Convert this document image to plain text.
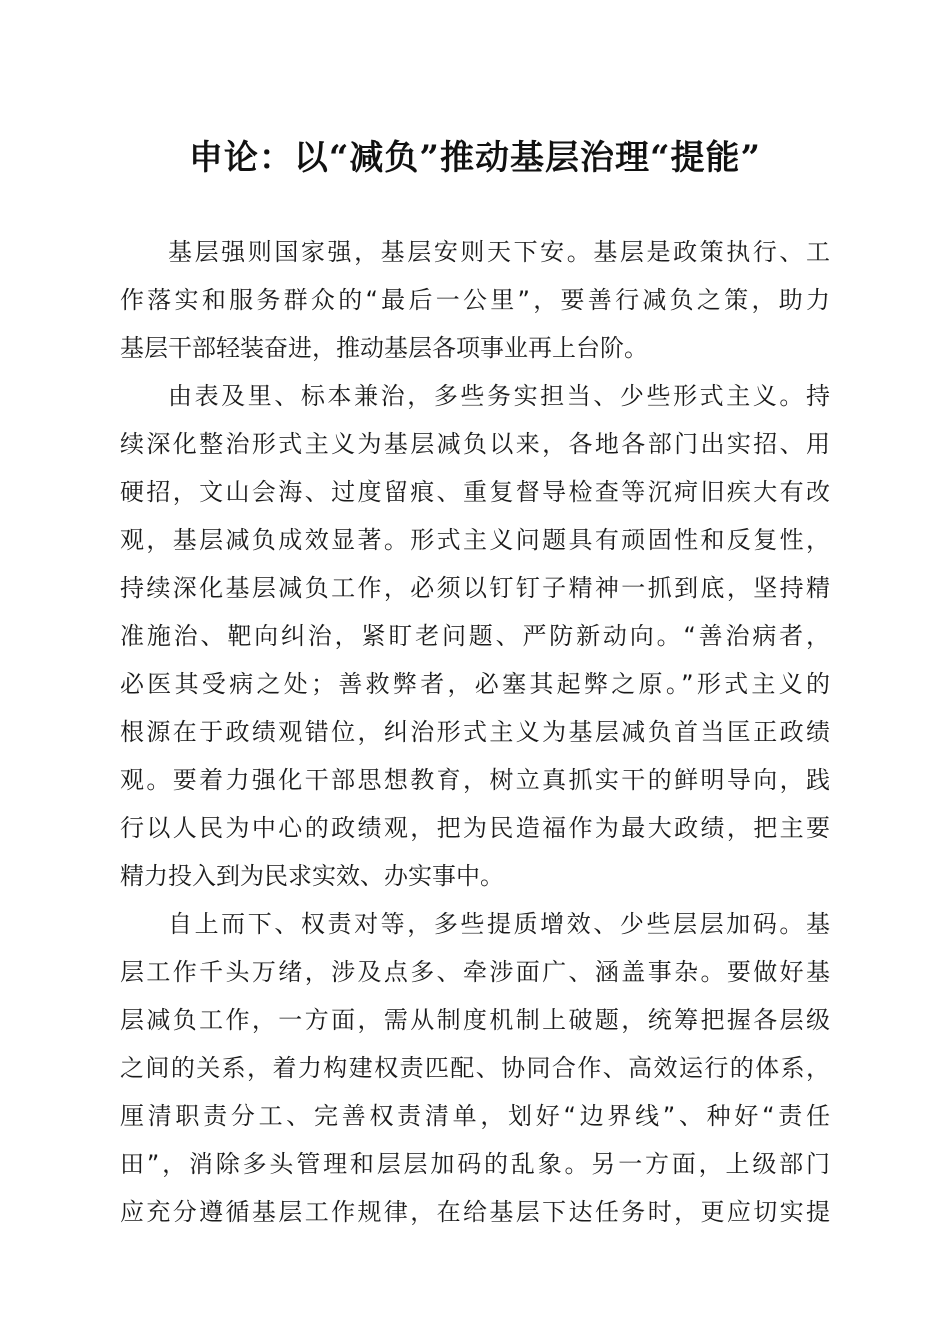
申论：以“减负”推动基层治理“提能”
基层强则国家强，基层安则天下安。基层是政策执行、工
作落实和服务群众的“最后一公里”，要善行减负之策，助力
基层干部轻装奋进，推动基层各项事业再上台阶。
由表及里、标本兼治，多些务实担当、少些形式主义。持
续深化整治形式主义为基层减负以来，各地各部门出实招、用
硬招，文山会海、过度留痕、重复督导检查等沉疴旧疾大有改
观，基层减负成效显著。形式主义问题具有顽固性和反复性，
持续深化基层减负工作，必须以钉钉子精神一抓到底，坚持精
准施治、靶向纠治，紧盯老问题、严防新动向。“善治病者，
必医其受病之处；善救弊者，必塞其起弊之原。”形式主义的
根源在于政绩观错位，纠治形式主义为基层减负首当匡正政绩
观。要着力强化干部思想教育，树立真抓实干的鲜明导向，践
行以人民为中心的政绩观，把为民造福作为最大政绩，把主要
精力投入到为民求实效、办实事中。
自上而下、权责对等，多些提质增效、少些层层加码。基
层工作千头万绪，涉及点多、牵涉面广、涵盖事杂。要做好基
层减负工作，一方面，需从制度机制上破题，统筹把握各层级
之间的关系，着力构建权责匹配、协同合作、高效运行的体系，
厘清职责分工、完善权责清单，划好“边界线”、种好“责任
田”，消除多头管理和层层加码的乱象。另一方面，上级部门
应充分遵循基层工作规律，在给基层下达任务时，更应切实提
